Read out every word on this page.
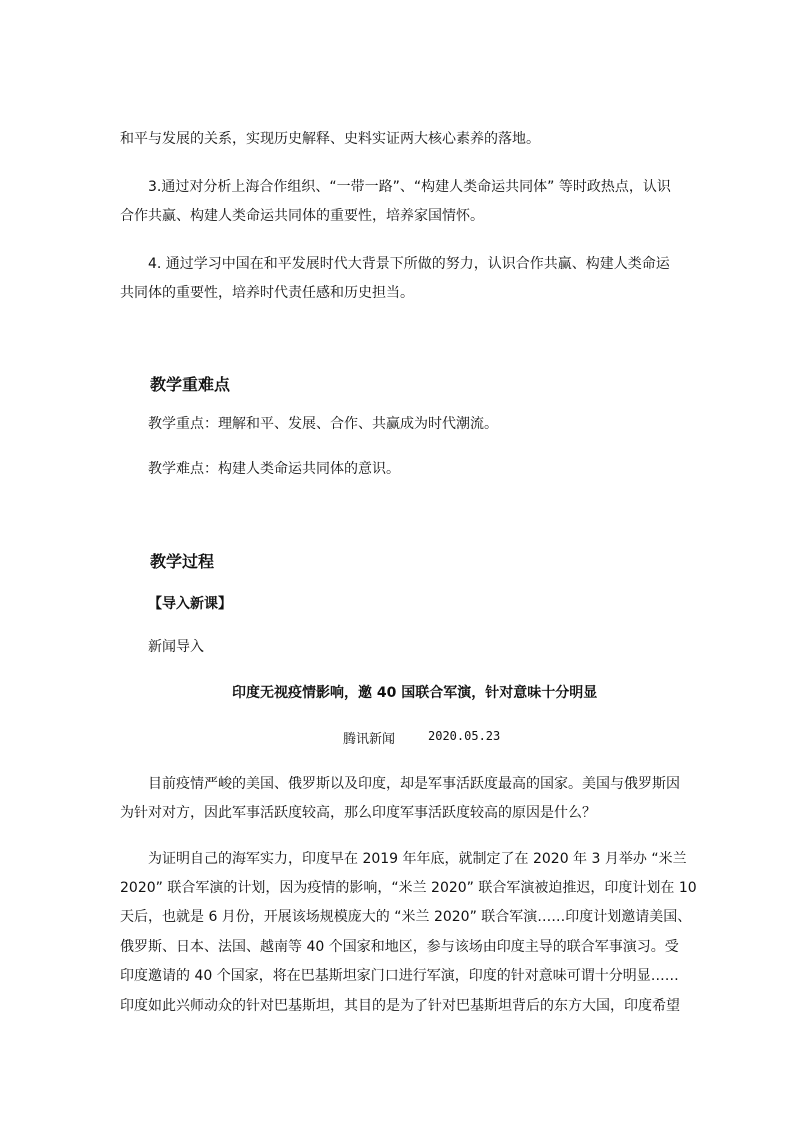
和平与发展的关系，实现历史解释、史料实证两大核心素养的落地。
3.通过对分析上海合作组织、“一带一路”、“构建人类命运共同体” 等时政热点，认识
合作共赢、构建人类命运共同体的重要性，培养家国情怀。
4. 通过学习中国在和平发展时代大背景下所做的努力，认识合作共赢、构建人类命运
共同体的重要性，培养时代责任感和历史担当。
教学重难点
教学重点：理解和平、发展、合作、共赢成为时代潮流。
教学难点：构建人类命运共同体的意识。
教学过程
【导入新课】
新闻导入
印度无视疫情影响，邀 40 国联合军演，针对意味十分明显
腾讯新闻	2020.05.23
目前疫情严峻的美国、俄罗斯以及印度，却是军事活跃度最高的国家。美国与俄罗斯因
为针对对方，因此军事活跃度较高，那么印度军事活跃度较高的原因是什么？
为证明自己的海军实力，印度早在 2019 年年底，就制定了在 2020 年 3 月举办 “米兰
2020” 联合军演的计划，因为疫情的影响，“米兰 2020” 联合军演被迫推迟，印度计划在 10
天后，也就是 6 月份，开展该场规模庞大的 “米兰 2020” 联合军演……印度计划邀请美国、
俄罗斯、日本、法国、越南等 40 个国家和地区，参与该场由印度主导的联合军事演习。受
印度邀请的 40 个国家，将在巴基斯坦家门口进行军演，印度的针对意味可谓十分明显……
印度如此兴师动众的针对巴基斯坦，其目的是为了针对巴基斯坦背后的东方大国，印度希望
